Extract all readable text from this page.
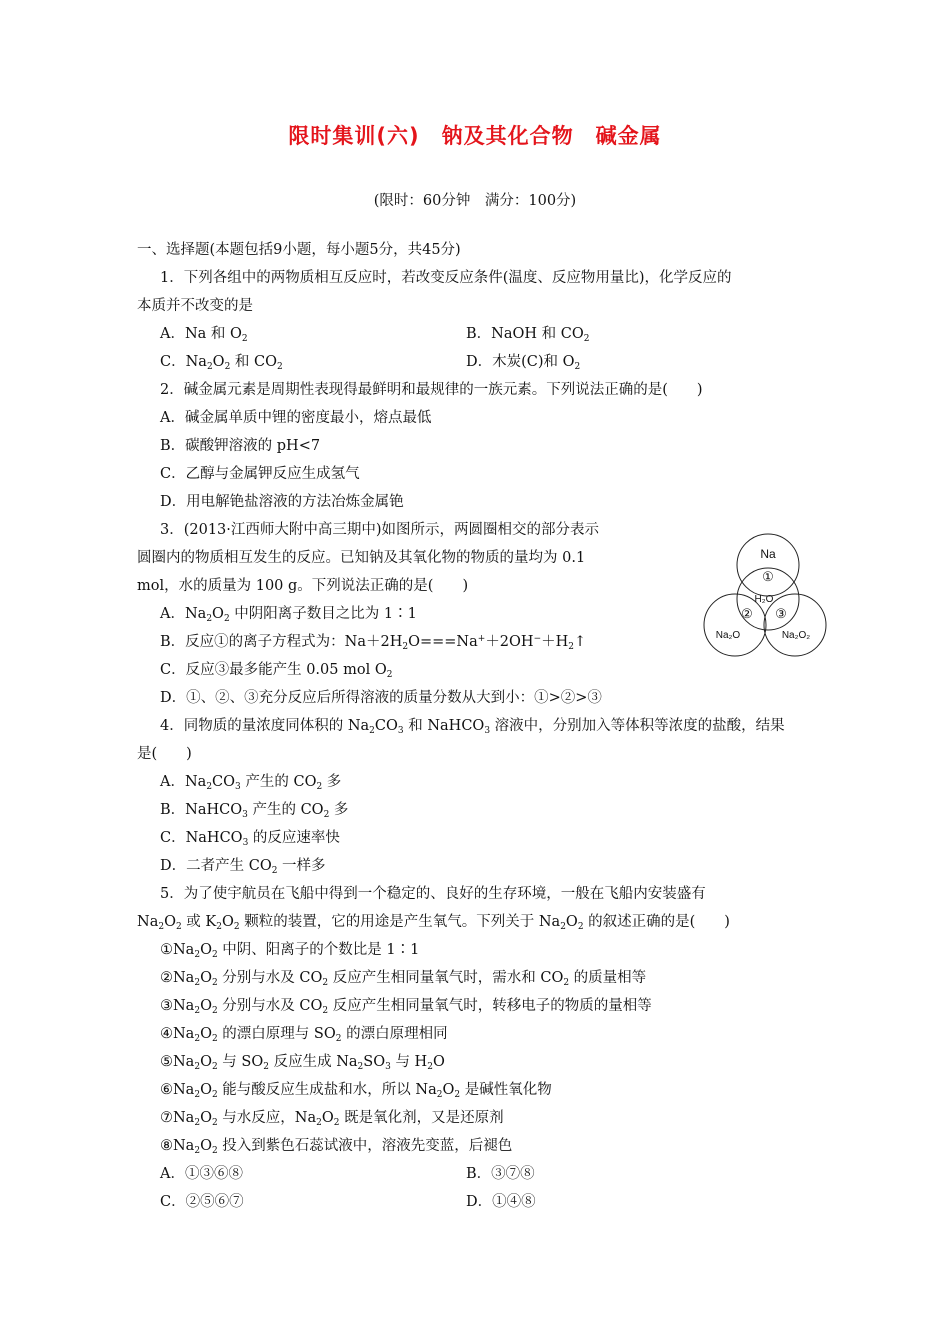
限时集训(六)　钠及其化合物　碱金属
(限时：60分钟　满分：100分)
一、选择题(本题包括9小题，每小题5分，共45分)
1．下列各组中的两物质相互反应时，若改变反应条件(温度、反应物用量比)，化学反应的
本质并不改变的是
A．Na 和 $O_2$	B．NaOH 和 $CO_2$
C．$Na_2O_2$ 和 $CO_2$	D．木炭(C)和 $O_2$
2．碱金属元素是周期性表现得最鲜明和最规律的一族元素。下列说法正确的是(　　)
A．碱金属单质中锂的密度最小，熔点最低
B．碳酸钾溶液的 pH<7
C．乙醇与金属钾反应生成氢气
D．用电解铯盐溶液的方法冶炼金属铯
3．(2013·江西师大附中高三期中)如图所示，两圆圈相交的部分表示
圆圈内的物质相互发生的反应。已知钠及其氧化物的物质的量均为 0.1
mol，水的质量为 100 g。下列说法正确的是(　　)
A．$Na_2O_2$ 中阴阳离子数目之比为 1∶1
B．反应①的离子方程式为：$Na+2H_2O===Na^++2OH^-+H_2↑$
C．反应③最多能产生 0.05 mol $O_2$
D．①、②、③充分反应后所得溶液的质量分数从大到小：①>②>③
Na
①
H₂O
② ③
Na₂O	Na₂O₂
4．同物质的量浓度同体积的 $Na_2CO_3$ 和 NaHCO$_3$ 溶液中，分别加入等体积等浓度的盐酸，结果
是(　　)
A．$Na_2CO_3$ 产生的 $CO_2$ 多
B．NaHCO$_3$ 产生的 $CO_2$ 多
C．NaHCO$_3$ 的反应速率快
D．二者产生 $CO_2$ 一样多
5．为了使宇航员在飞船中得到一个稳定的、良好的生存环境，一般在飞船内安装盛有
$Na_2O_2$ 或 $K_2O_2$ 颗粒的装置，它的用途是产生氧气。下列关于 $Na_2O_2$ 的叙述正确的是(　　)
$①Na_2O_2$ 中阴、阳离子的个数比是 1∶1
$②Na_2O_2$ 分别与水及 $CO_2$ 反应产生相同量氧气时，需水和 $CO_2$ 的质量相等
$③Na_2O_2$ 分别与水及 $CO_2$ 反应产生相同量氧气时，转移电子的物质的量相等
$④Na_2O_2$ 的漂白原理与 $SO_2$ 的漂白原理相同
$⑤Na_2O_2$ 与 $SO_2$ 反应生成 $Na_2SO_3$ 与 $H_2O$
$⑥Na_2O_2$ 能与酸反应生成盐和水，所以 $Na_2O_2$ 是碱性氧化物
$⑦Na_2O_2$ 与水反应，$Na_2O_2$ 既是氧化剂，又是还原剂
$⑧Na_2O_2$ 投入到紫色石蕊试液中，溶液先变蓝，后褪色
A．①③⑥⑧	B．③⑦⑧
C．②⑤⑥⑦	D．①④⑧
